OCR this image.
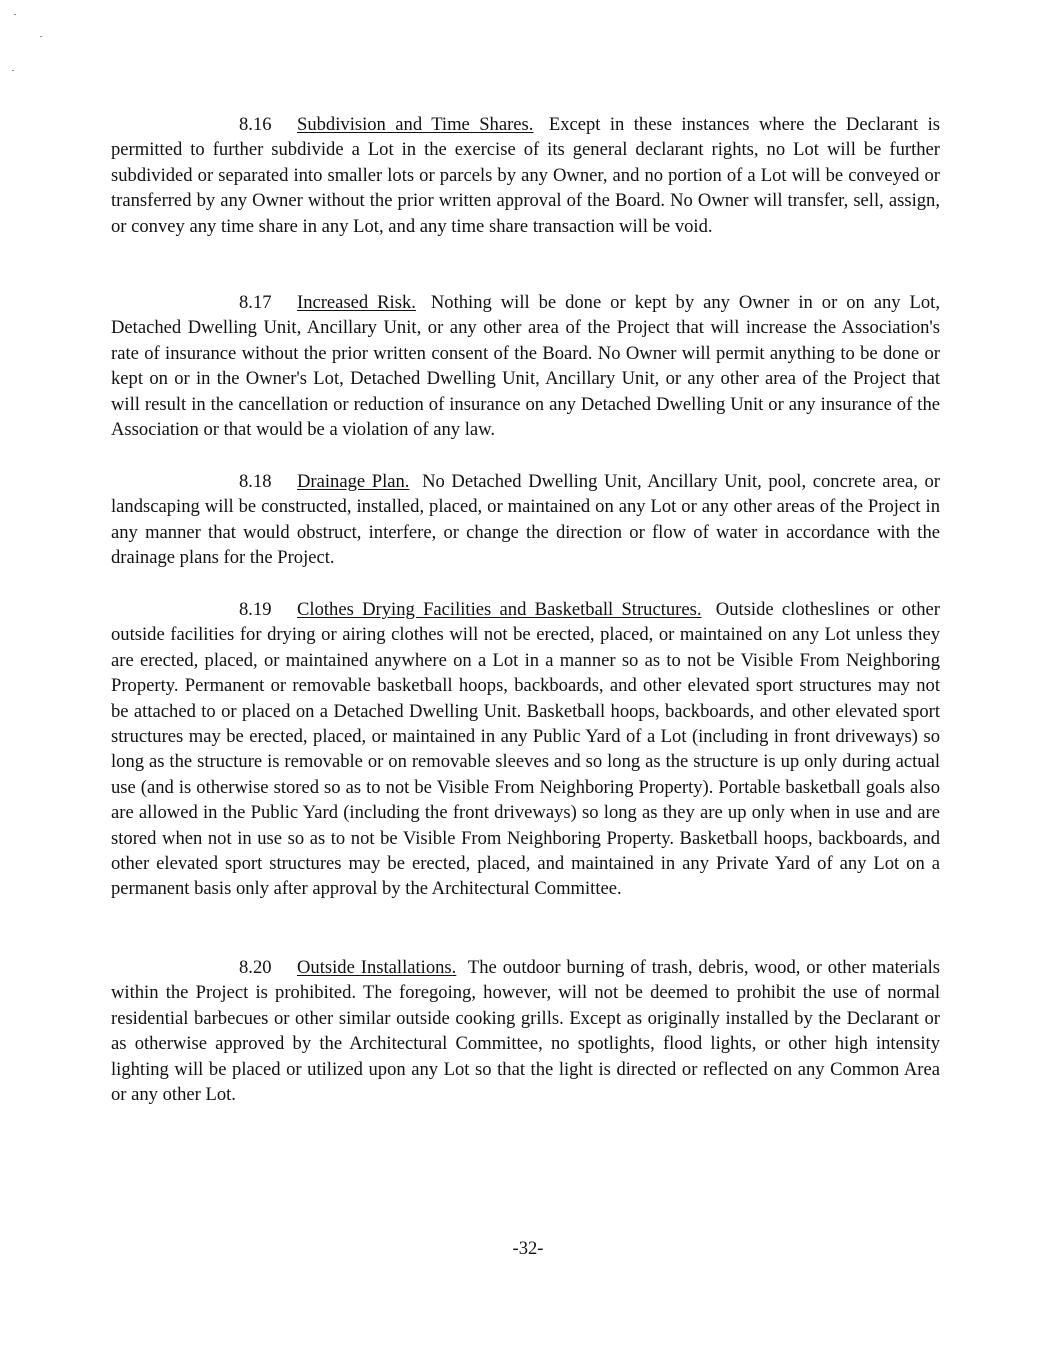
8.16 Subdivision and Time Shares. Except in these instances where the Declarant is permitted to further subdivide a Lot in the exercise of its general declarant rights, no Lot will be further subdivided or separated into smaller lots or parcels by any Owner, and no portion of a Lot will be conveyed or transferred by any Owner without the prior written approval of the Board. No Owner will transfer, sell, assign, or convey any time share in any Lot, and any time share transaction will be void.

8.17 Increased Risk. Nothing will be done or kept by any Owner in or on any Lot, Detached Dwelling Unit, Ancillary Unit, or any other area of the Project that will increase the Association's rate of insurance without the prior written consent of the Board. No Owner will permit anything to be done or kept on or in the Owner's Lot, Detached Dwelling Unit, Ancillary Unit, or any other area of the Project that will result in the cancellation or reduction of insurance on any Detached Dwelling Unit or any insurance of the Association or that would be a violation of any law.

8.18 Drainage Plan. No Detached Dwelling Unit, Ancillary Unit, pool, concrete area, or landscaping will be constructed, installed, placed, or maintained on any Lot or any other areas of the Project in any manner that would obstruct, interfere, or change the direction or flow of water in accordance with the drainage plans for the Project.

8.19 Clothes Drying Facilities and Basketball Structures. Outside clotheslines or other outside facilities for drying or airing clothes will not be erected, placed, or maintained on any Lot unless they are erected, placed, or maintained anywhere on a Lot in a manner so as to not be Visible From Neighboring Property. Permanent or removable basketball hoops, backboards, and other elevated sport structures may not be attached to or placed on a Detached Dwelling Unit. Basketball hoops, backboards, and other elevated sport structures may be erected, placed, or maintained in any Public Yard of a Lot (including in front driveways) so long as the structure is removable or on removable sleeves and so long as the structure is up only during actual use (and is otherwise stored so as to not be Visible From Neighboring Property). Portable basketball goals also are allowed in the Public Yard (including the front driveways) so long as they are up only when in use and are stored when not in use so as to not be Visible From Neighboring Property. Basketball hoops, backboards, and other elevated sport structures may be erected, placed, and maintained in any Private Yard of any Lot on a permanent basis only after approval by the Architectural Committee.

8.20 Outside Installations. The outdoor burning of trash, debris, wood, or other materials within the Project is prohibited. The foregoing, however, will not be deemed to prohibit the use of normal residential barbecues or other similar outside cooking grills. Except as originally installed by the Declarant or as otherwise approved by the Architectural Committee, no spotlights, flood lights, or other high intensity lighting will be placed or utilized upon any Lot so that the light is directed or reflected on any Common Area or any other Lot.

-32-
